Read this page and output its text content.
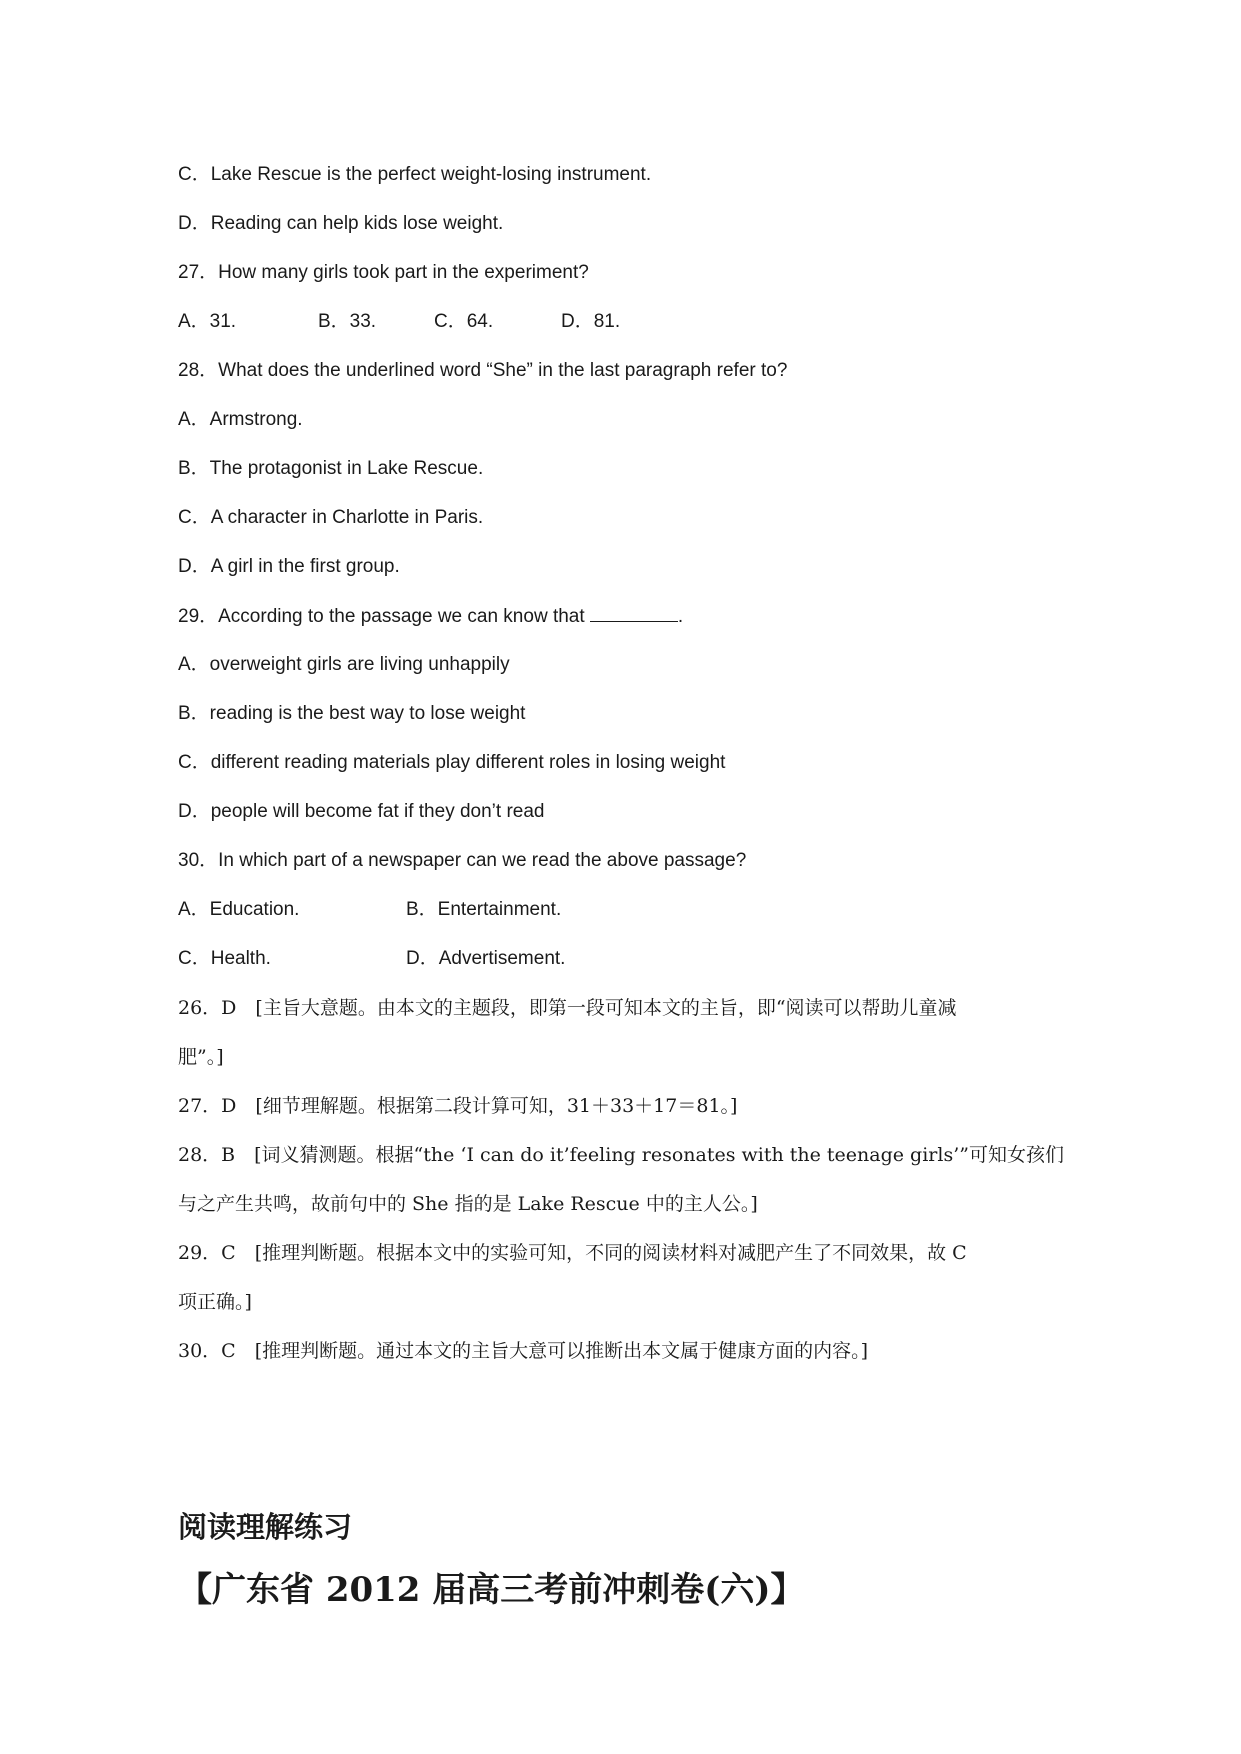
C．Lake Rescue is the perfect weight-losing instrument.
D．Reading can help kids lose weight.
27．How many girls took part in the experiment?
A．31.	B．33.	C．64.	D．81.
28．What does the underlined word “She” in the last paragraph refer to?
A．Armstrong.
B．The protagonist in Lake Rescue.
C．A character in Charlotte in Paris.
D．A girl in the first group.
29．According to the passage we can know that	.
A．overweight girls are living unhappily
B．reading is the best way to lose weight
C．different reading materials play different roles in losing weight
D．people will become fat if they don’t read
30．In which part of a newspaper can we read the above passage?
A．Education.	B．Entertainment.
C．Health.	D．Advertisement.
26．D　[主旨大意题。由本文的主题段，即第一段可知本文的主旨，即“阅读可以帮助儿童减
肥”。]
27．D　[细节理解题。根据第二段计算可知，31＋33＋17＝81。]
28．B　[词义猜测题。根据“the ‘I can do it’feeling resonates with the teenage girls’”可知女孩们
与之产生共鸣，故前句中的 She 指的是 Lake Rescue 中的主人公。]
29．C　[推理判断题。根据本文中的实验可知，不同的阅读材料对减肥产生了不同效果，故 C
项正确。]
30．C　[推理判断题。通过本文的主旨大意可以推断出本文属于健康方面的内容。]
阅读理解练习
【广东省 2012 届高三考前冲刺卷(六)】
